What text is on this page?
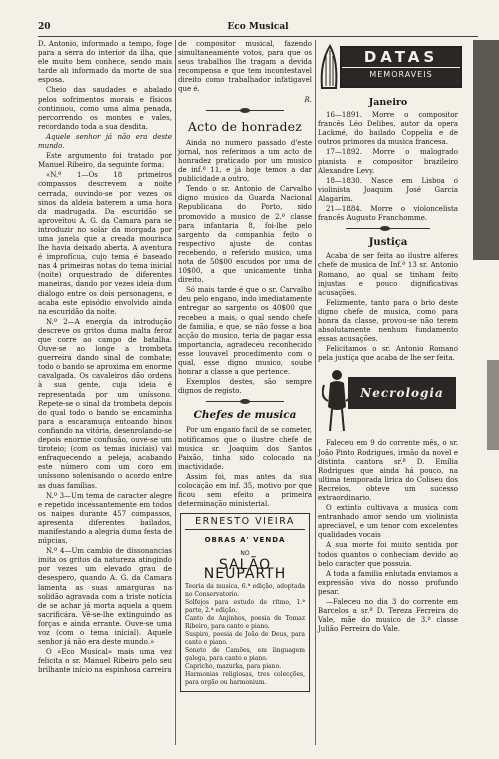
20	Eco Musical

D. Antonio, informado a tempo, foge para a serra do interior da ilha, que ele muito bem conhece, sendo mais tarde ali informado da morte de sua esposa.

Cheio das saudades e abalado pelos sofrimentos morais e físicos continuou, como uma alma penada, percorrendo os montes e vales, recordando toda a sua desdita.

Aquele senhor já não era deste mundo.

Este argumento foi tratado por Manuel Ribeiro, da seguinte forma:

«N.º 1—Os 18 primeiros compassos descrevem a noite cerrada, ouvindo-se por vezes os sinos da aldeia baterem a uma hora da madrugada. Da escuridão se aproveitou A. G. da Camara para se introduzir no solar da morgada por uma janela que a creada mourisca lhe havia deixado aberta. A aventura é improfícua, cujo tema é baseado nas 4 primeiras notas do tema inicial (noite) orquestrado de diferentes maneiras, dando por vezes ideia dum diálogo entre os dois personagens, e acaba este episódio envolvido ainda na escuridão da noite.

N.º 2—A energia da introdução descreve os gritos duma malta feroz que corre ao campo de batalha. Ouve-se ao longe a trombeta guerreira dando sinal de combate; todo o bando se aproxima em enorme cavalgada. Os cavaleiros dão ordens à sua gente, cuja ideia é representada por um uníssono. Repete-se o sinal da trombeta depois do qual todo o bando se encaminha para a escaramuça entoando hinos confiando na vitória, desenrolando-se depois enorme confusão, ouve-se um tiroteio; (com os temas iniciais) vai enfraquecendo a peleja, acabando este número com um coro em uníssono solenisando o acordo entre as duas famílias.

N.º 3—Um tema de caracter alegre e repetido incessantemente em todos os naipes durante 457 compassos, apresenta diferentes bailados, manifestando a alegria duma festa de núpcias.

N.º 4—Um cambio de dissonancias imita os gritos da natureza atingindo por vezes um elevado grau de desespero, quando A. G. da Camara lamenta as suas amarguras na solidão agravada com a triste notícia de se achar já morta aquela a quem sacrificára. Vê-se-lhe extinguindo as forças e ainda errante. Ouve-se uma voz (com o tema inicial). Aquele senhor já não era deste mundo.»

O «Eco Musical» mais uma vez felicita o sr. Manuel Ribeiro pelo seu brilhante início na espinhosa carreira

de compositor musical, fazendo simultaneamente votos, para que os seus trabalhos lhe tragam a devida recompensa e que tem incontestavel direito como trabalhador infatigavel que é.

R.

Acto de honradez

Ainda no numero passado d'este jornal, nos referimos a um acto de honradez praticado por um musico de inf.ª 11, e já hoje temos a dar publicidade a outro.

Tendo o sr. Antonio de Carvalho digno musico da Guarda Nacional Republicana do Porto, sido promovido a musico de 2.ª classe para infantaria 8, foi-lhe pelo sargento da companhia feito o respectivo ajuste de contas recebendo, o referido musico, uma nota de 50$00 escudos por uma de 10$00, a que unicamente tinha direito.

Só mais tarde é que o sr. Carvalho deu pelo engano, indo imediatamente entregar ao sargento os 40$00 que recebeu a mais, o qual sendo chefe de familia, e que, se não fosse a boa acção do musico, teria de pagar essa importancia, agradeceu reconhecido esse louvavel procedimento com o qual, esse digno musico, soube honrar a classe a que pertence.

Exemplos destes, são sempre dignos de registo.

Chefes de musica

Por um engano facil de se cometer, notificamos que o ilustre chefe de musica sr. Joaquim dos Santos Paixão, tinha sido colocado na inactividade.

Assim foi, mas antes da sua colocação em inf. 35, motivo por que ficou sem efeito a primeira determinação ministerial.

ERNESTO VIEIRA
OBRAS A' VENDA
NO
SALÃO NEUPARTH
Teoria da musica, 6.ª edição, adoptada no Conservatorio.
Solfejos para estudo de ritmo, 1.ª parte, 2.ª edição.
Canto de Anjinhos, poesia de Tomaz Ribeiro, para canto e piano.
Suspiro, poesia de João de Deus, para canto e piano.
Soneto de Camões, em linguagem galega, para canto e piano.
Capricho, mazurka, para piano.
Harmonias religiosas, tres colecções, para orgão ou harmonium.
DATAS
MEMORAVEIS
Janeiro

16—1891. Morre o compositor francês Léo Delibes, autor da opera Lackmé, do bailado Coppelia e de outros primores da musica francesa.

17—1892. Morre o malogrado pianista e compositor brazileiro Alexandre Levy.

18—1830. Nasce em Lisboa o violinista Joaquim José Garcia Alagarim.

21—1884. Morre o violoncelista francês Augusto Franchomme.

Justiça

Acaba de ser feita ao ilustre alferes chefe de musica de Inf.ª 13 sr. Antonio Romano, ao qual se tinham feito injustas e pouco dignificativas acusações.

Felizmente, tanto para o brio deste digno chefe de musica, como para honra da classe, provou-se não terem absolutamente nenhum fundamento essas acusações.

Felicitamos o sr. Antonio Romano pela justiça que acaba de lhe ser feita.

Necrologia

Faleceu em 9 do corrente mês, o sr. João Pinto Rodrigues, irmão da novel e distinta cantora sr.ª D. Emília Rodrigues que ainda há pouco, na ultima temporada lirica do Coliseu dos Recreios, obteve um sucesso extraordinario.

O extinto cultivava a musica com entranhado amor sendo um violinista apreciavel, e um tenor com excelentes qualidades vocais

A sua morte foi muito sentida por todos quantos o conheciam devido ao belo caracter que possuia.

A toda a familia enlutada enviamos a expressão viva do nosso profundo pesar.

—Faleceu no dia 3 do corrente em Barcelos a sr.ª D. Tereza Ferreira do Vale, mãe do musico de 3.ª classe Julião Ferreira do Vale.
